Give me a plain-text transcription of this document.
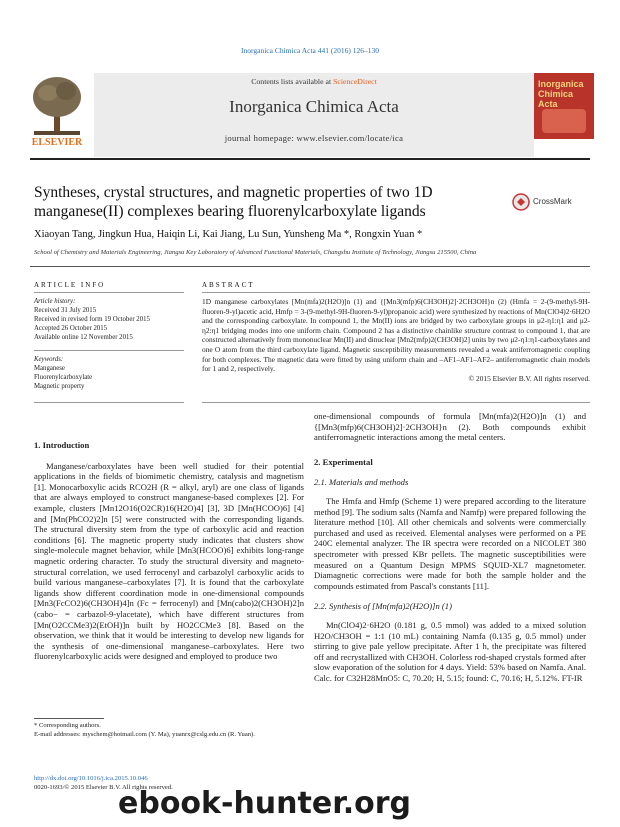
Inorganica Chimica Acta 441 (2016) 126–130
ELSEVIER
Contents lists available at ScienceDirect
Inorganica Chimica Acta
journal homepage: www.elsevier.com/locate/ica
Inorganica Chimica Acta
Syntheses, crystal structures, and magnetic properties of two 1D manganese(II) complexes bearing fluorenylcarboxylate ligands
CrossMark
Xiaoyan Tang, Jingkun Hua, Haiqin Li, Kai Jiang, Lu Sun, Yunsheng Ma *, Rongxin Yuan *
School of Chemistry and Materials Engineering, Jiangsu Key Laboratory of Advanced Functional Materials, Changshu Institute of Technology, Jiangsu 215500, China
ARTICLE INFO	ABSTRACT
Article history:
Received 31 July 2015
Received in revised form 19 October 2015
Accepted 26 October 2015
Available online 12 November 2015
Keywords:
Manganese
Fluorenylcarboxylate
Magnetic property
1D manganese carboxylates [Mn(mfa)2(H2O)]n (1) and {[Mn3(mfp)6(CH3OH)2]·2CH3OH}n (2) (Hmfa = 2-(9-methyl-9H-fluoren-9-yl)acetic acid, Hmfp = 3-(9-methyl-9H-fluoren-9-yl)propanoic acid) were synthesized by reactions of Mn(ClO4)2·6H2O and the corresponding carboxylate. In compound 1, the Mn(II) ions are bridged by two carboxylate groups in μ2-η1:η1 and μ2-η2:η1 bridging modes into one uniform chain. Compound 2 has a distinctive chainlike structure contrast to compound 1, that are constructed alternatively from mononuclear Mn(II) and dinuclear [Mn2(mfp)2(CH3OH)2] units by two μ2-η1:η1-carboxylates and one O atom from the third carboxylate ligand. Magnetic susceptibility measurements revealed a weak antiferromagnetic coupling for both complexes. The magnetic data were fitted by using uniform chain and –AF1–AF1–AF2– antiferromagnetic chain models for 1 and 2, respectively.
© 2015 Elsevier B.V. All rights reserved.
1. Introduction

Manganese/carboxylates have been well studied for their potential applications in the fields of biomimetic chemistry, catalysis and magnetism [1]. Monocarboxylic acids RCO2H (R = alkyl, aryl) are one class of ligands that are always employed to construct manganese-based complexes [2]. For example, clusters [Mn12O16(O2CR)16(H2O)4] [3], 3D [Mn(HCOO)6] [4] and [Mn(PhCO2)2]n [5] were constructed with the corresponding ligands. The structural diversity stem from the type of carboxylic acid and reaction conditions [6]. The magnetic property study indicates that clusters show single-molecule magnet behavior, while [Mn3(HCOO)6] exhibits long-range magnetic ordering character. To study the structural diversity and magneto-structural correlation, we used ferrocenyl and carbazolyl carboxylic acids to build various manganese–carboxylates [7]. It is found that the carboxylate ligands show different coordination mode in one-dimensional compounds [Mn3(FcCO2)6(CH3OH)4]n (Fc = ferrocenyl) and [Mn(cabo)2(CH3OH)2]n (cabo− = carbazol-9-ylacetate), which have different structures from [Mn(O2CCMe3)2(EtOH)]n built by HO2CCMe3 [8]. Based on the observation, we think that it would be interesting to develop new ligands for the synthesis of one-dimensional manganese–carboxylates. Here two fluorenylcarboxylic acids were designed and employed to produce two

one-dimensional compounds of formula [Mn(mfa)2(H2O)]n (1) and {[Mn3(mfp)6(CH3OH)2]·2CH3OH}n (2). Both compounds exhibit antiferromagnetic interactions among the metal centers.

2. Experimental
2.1. Materials and methods

The Hmfa and Hmfp (Scheme 1) were prepared according to the literature method [9]. The sodium salts (Namfa and Namfp) were prepared following the literature method [10]. All other chemicals and solvents were commercially purchased and used as received. Elemental analyses were performed on a PE 240C elemental analyzer. The IR spectra were recorded on a NICOLET 380 spectrometer with pressed KBr pellets. The magnetic susceptibilities were measured on a Quantum Design MPMS SQUID-XL7 magnetometer. Diamagnetic corrections were made for both the sample holder and the compounds estimated from Pascal's constants [11].

2.2. Synthesis of [Mn(mfa)2(H2O)]n (1)

Mn(ClO4)2·6H2O (0.181 g, 0.5 mmol) was added to a mixed solution H2O/CH3OH = 1:1 (10 mL) containing Namfa (0.135 g, 0.5 mmol) under stirring to give pale yellow precipitate. After 1 h, the precipitate was filtered off and recrystallized with CH3OH. Colorless rod-shaped crystals formed after slow evaporation of the solution for 4 days. Yield: 53% based on Namfa. Anal. Calc. for C32H28MnO5: C, 70.20; H, 5.15; found: C, 70.16; H, 5.12%. FT-IR

* Corresponding authors.
E-mail addresses: myschem@hotmail.com (Y. Ma), yuanrx@cslg.edu.cn (R. Yuan).
http://dx.doi.org/10.1016/j.ica.2015.10.046
0020-1693/© 2015 Elsevier B.V. All rights reserved.
ebook-hunter.org
